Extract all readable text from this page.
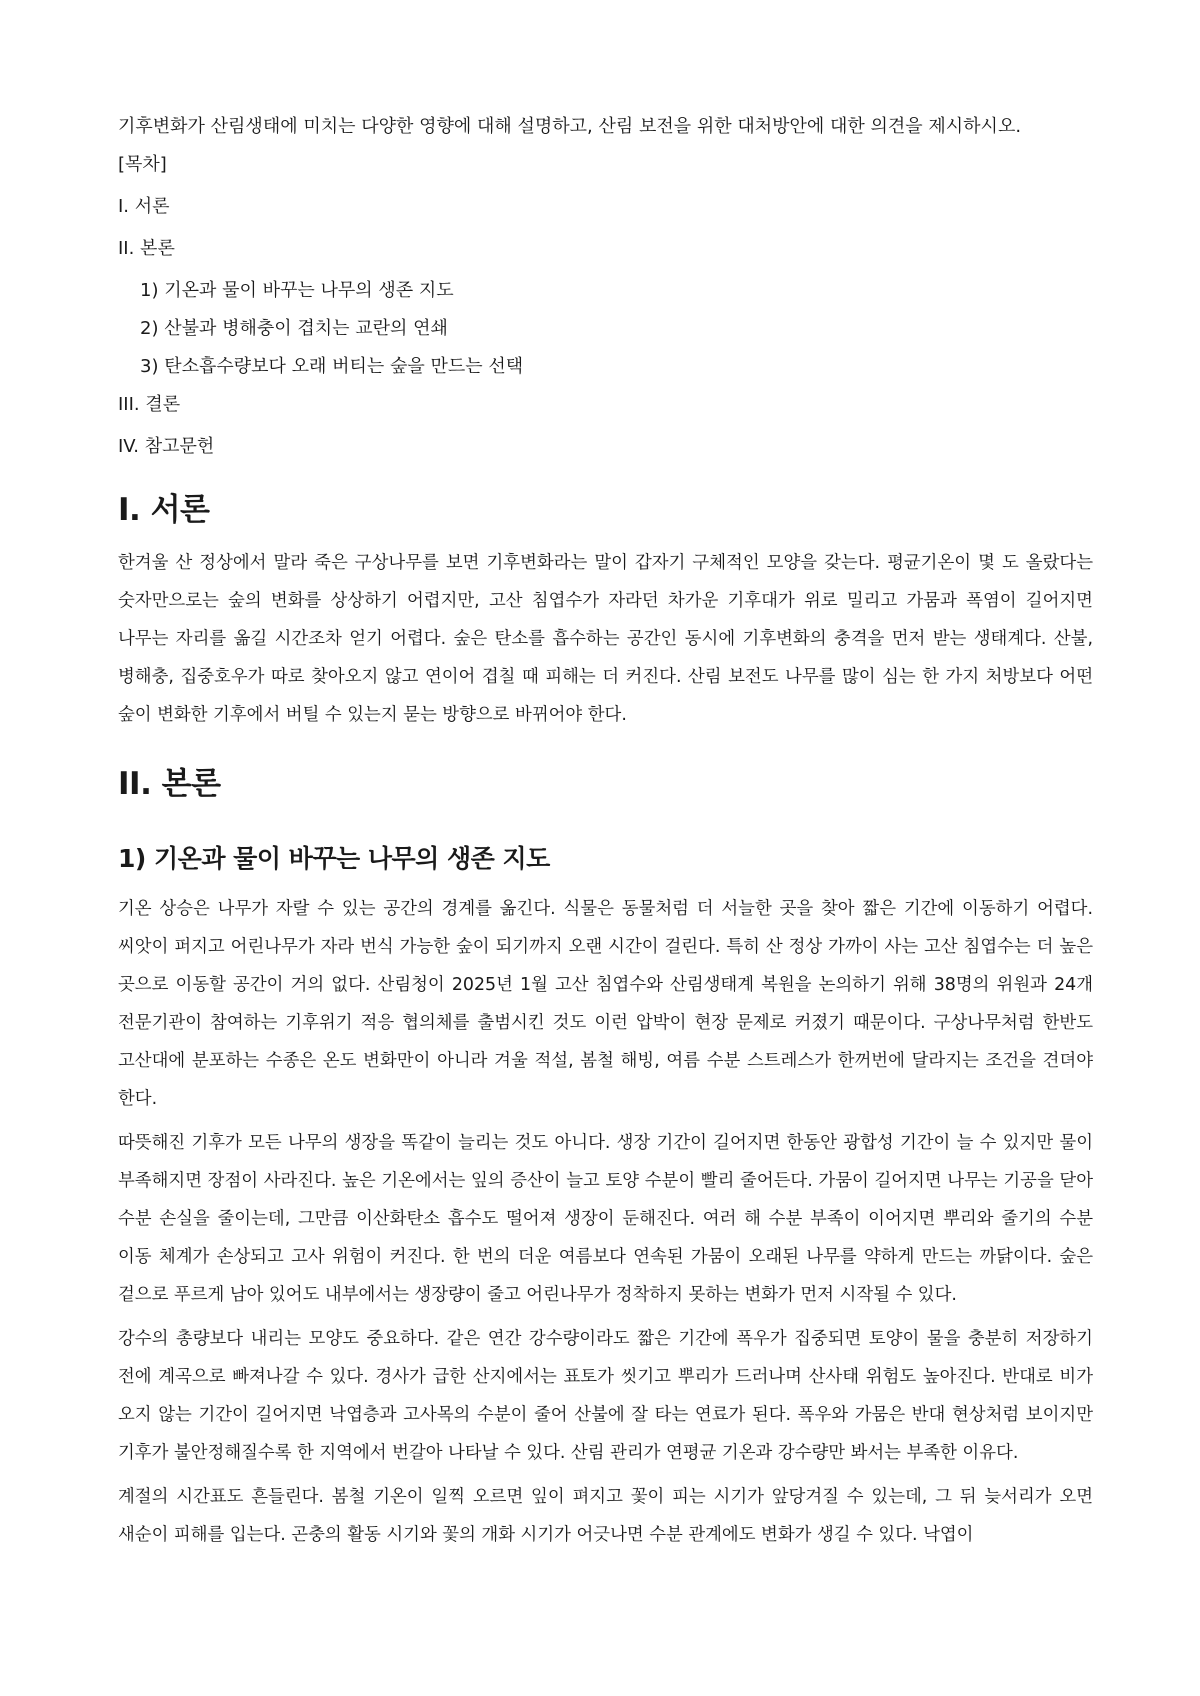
기후변화가 산림생태에 미치는 다양한 영향에 대해 설명하고, 산림 보전을 위한 대처방안에 대한 의견을 제시하시오.

[목차]
I. 서론
II. 본론
1) 기온과 물이 바꾸는 나무의 생존 지도
2) 산불과 병해충이 겹치는 교란의 연쇄
3) 탄소흡수량보다 오래 버티는 숲을 만드는 선택
III. 결론
IV. 참고문헌
I. 서론

한겨울 산 정상에서 말라 죽은 구상나무를 보면 기후변화라는 말이 갑자기 구체적인 모양을 갖는다. 평균기온이 몇 도 올랐다는 숫자만으로는 숲의 변화를 상상하기 어렵지만, 고산 침엽수가 자라던 차가운 기후대가 위로 밀리고 가뭄과 폭염이 길어지면 나무는 자리를 옮길 시간조차 얻기 어렵다. 숲은 탄소를 흡수하는 공간인 동시에 기후변화의 충격을 먼저 받는 생태계다. 산불, 병해충, 집중호우가 따로 찾아오지 않고 연이어 겹칠 때 피해는 더 커진다. 산림 보전도 나무를 많이 심는 한 가지 처방보다 어떤 숲이 변화한 기후에서 버틸 수 있는지 묻는 방향으로 바뀌어야 한다.

II. 본론
1) 기온과 물이 바꾸는 나무의 생존 지도

기온 상승은 나무가 자랄 수 있는 공간의 경계를 옮긴다. 식물은 동물처럼 더 서늘한 곳을 찾아 짧은 기간에 이동하기 어렵다. 씨앗이 퍼지고 어린나무가 자라 번식 가능한 숲이 되기까지 오랜 시간이 걸린다. 특히 산 정상 가까이 사는 고산 침엽수는 더 높은 곳으로 이동할 공간이 거의 없다. 산림청이 2025년 1월 고산 침엽수와 산림생태계 복원을 논의하기 위해 38명의 위원과 24개 전문기관이 참여하는 기후위기 적응 협의체를 출범시킨 것도 이런 압박이 현장 문제로 커졌기 때문이다. 구상나무처럼 한반도 고산대에 분포하는 수종은 온도 변화만이 아니라 겨울 적설, 봄철 해빙, 여름 수분 스트레스가 한꺼번에 달라지는 조건을 견뎌야 한다.

따뜻해진 기후가 모든 나무의 생장을 똑같이 늘리는 것도 아니다. 생장 기간이 길어지면 한동안 광합성 기간이 늘 수 있지만 물이 부족해지면 장점이 사라진다. 높은 기온에서는 잎의 증산이 늘고 토양 수분이 빨리 줄어든다. 가뭄이 길어지면 나무는 기공을 닫아 수분 손실을 줄이는데, 그만큼 이산화탄소 흡수도 떨어져 생장이 둔해진다. 여러 해 수분 부족이 이어지면 뿌리와 줄기의 수분 이동 체계가 손상되고 고사 위험이 커진다. 한 번의 더운 여름보다 연속된 가뭄이 오래된 나무를 약하게 만드는 까닭이다. 숲은 겉으로 푸르게 남아 있어도 내부에서는 생장량이 줄고 어린나무가 정착하지 못하는 변화가 먼저 시작될 수 있다.

강수의 총량보다 내리는 모양도 중요하다. 같은 연간 강수량이라도 짧은 기간에 폭우가 집중되면 토양이 물을 충분히 저장하기 전에 계곡으로 빠져나갈 수 있다. 경사가 급한 산지에서는 표토가 씻기고 뿌리가 드러나며 산사태 위험도 높아진다. 반대로 비가 오지 않는 기간이 길어지면 낙엽층과 고사목의 수분이 줄어 산불에 잘 타는 연료가 된다. 폭우와 가뭄은 반대 현상처럼 보이지만 기후가 불안정해질수록 한 지역에서 번갈아 나타날 수 있다. 산림 관리가 연평균 기온과 강수량만 봐서는 부족한 이유다.

계절의 시간표도 흔들린다. 봄철 기온이 일찍 오르면 잎이 펴지고 꽃이 피는 시기가 앞당겨질 수 있는데, 그 뒤 늦서리가 오면 새순이 피해를 입는다. 곤충의 활동 시기와 꽃의 개화 시기가 어긋나면 수분 관계에도 변화가 생길 수 있다. 낙엽이
